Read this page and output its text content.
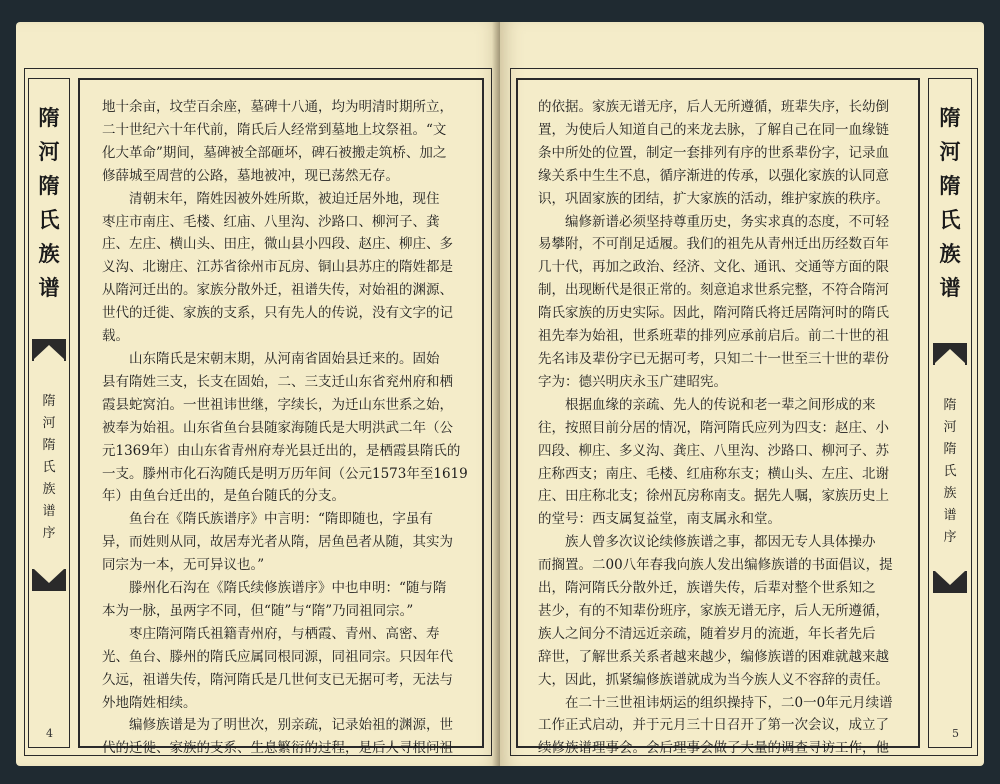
隋
河
隋
氏
族
谱
隋
河
隋
氏
族
谱
序
地十余亩，坟茔百余座，墓碑十八通，均为明清时期所立，
二十世纪六十年代前，隋氏后人经常到墓地上坟祭祖。“文
化大革命”期间，墓碑被全部砸坏，碑石被搬走筑桥、加之
修薛城至周营的公路，墓地被冲，现已荡然无存。
清朝末年，隋姓因被外姓所欺，被迫迁居外地，现住
枣庄市南庄、毛楼、红庙、八里沟、沙路口、柳河子、龚
庄、左庄、横山头、田庄，微山县小四段、赵庄、柳庄、多
义沟、北谢庄、江苏省徐州市瓦房、铜山县苏庄的隋姓都是
从隋河迁出的。家族分散外迁，祖谱失传，对始祖的渊源、
世代的迁徙、家族的支系，只有先人的传说，没有文字的记
载。
山东隋氏是宋朝末期，从河南省固始县迁来的。固始
县有隋姓三支，长支在固始，二、三支迁山东省兖州府和栖
霞县蛇窝泊。一世祖讳世继，字续长，为迁山东世系之始，
被奉为始祖。山东省鱼台县随家海随氏是大明洪武二年（公
元1369年）由山东省青州府寿光县迁出的，是栖霞县隋氏的
一支。滕州市化石沟随氏是明万历年间（公元1573年至1619
年）由鱼台迁出的，是鱼台随氏的分支。
鱼台在《隋氏族谱序》中言明：“隋即随也，字虽有
异，而姓则从同，故居寿光者从隋，居鱼邑者从随，其实为
同宗为一本，无可异议也。”
滕州化石沟在《隋氏续修族谱序》中也申明：“随与隋
本为一脉，虽两字不同，但“随”与“隋”乃同祖同宗。”
枣庄隋河隋氏祖籍青州府，与栖霞、青州、高密、寿
光、鱼台、滕州的隋氏应属同根同源，同祖同宗。只因年代
久远，祖谱失传，隋河隋氏是几世何支已无据可考，无法与
外地隋姓相续。
编修族谱是为了明世次，别亲疏，记录始祖的渊源，世
代的迁徙、家族的支系、生息繁衍的过程，是后人寻根问祖
4
的依据。家族无谱无序，后人无所遵循，班辈失序，长幼倒
置，为使后人知道自己的来龙去脉，了解自己在同一血缘链
条中所处的位置，制定一套排列有序的世系辈份字，记录血
缘关系中生生不息，循序渐进的传承，以强化家族的认同意
识，巩固家族的团结，扩大家族的活动，维护家族的秩序。
编修新谱必须坚持尊重历史，务实求真的态度，不可轻
易攀附，不可削足适履。我们的祖先从青州迁出历经数百年
几十代，再加之政治、经济、文化、通讯、交通等方面的限
制，出现断代是很正常的。刻意追求世系完整，不符合隋河
隋氏家族的历史实际。因此，隋河隋氏将迁居隋河时的隋氏
祖先奉为始祖，世系班辈的排列应承前启后。前二十世的祖
先名讳及辈份字已无据可考，只知二十一世至三十世的辈份
字为：德兴明庆永玉广建昭宪。
根据血缘的亲疏、先人的传说和老一辈之间形成的来
往，按照目前分居的情况，隋河隋氏应列为四支：赵庄、小
四段、柳庄、多义沟、龚庄、八里沟、沙路口、柳河子、苏
庄称西支；南庄、毛楼、红庙称东支；横山头、左庄、北谢
庄、田庄称北支；徐州瓦房称南支。据先人嘱，家族历史上
的堂号：西支属复益堂，南支属永和堂。
族人曾多次议论续修族谱之事，都因无专人具体操办
而搁置。二00八年春我向族人发出编修族谱的书面倡议，提
出，隋河隋氏分散外迁，族谱失传，后辈对整个世系知之
甚少，有的不知辈份班序，家族无谱无序，后人无所遵循，
族人之间分不清远近亲疏，随着岁月的流逝，年长者先后
辞世，了解世系关系者越来越少，编修族谱的困难就越来越
大，因此，抓紧编修族谱就成为当今族人义不容辞的责任。
在二十三世祖讳炳运的组织操持下，二0一0年元月续谱
工作正式启动，并于元月三十日召开了第一次会议，成立了
续修族谱理事会。会后理事会做了大量的调查寻访工作，他
隋
河
隋
氏
族
谱
隋
河
隋
氏
族
谱
序
5
